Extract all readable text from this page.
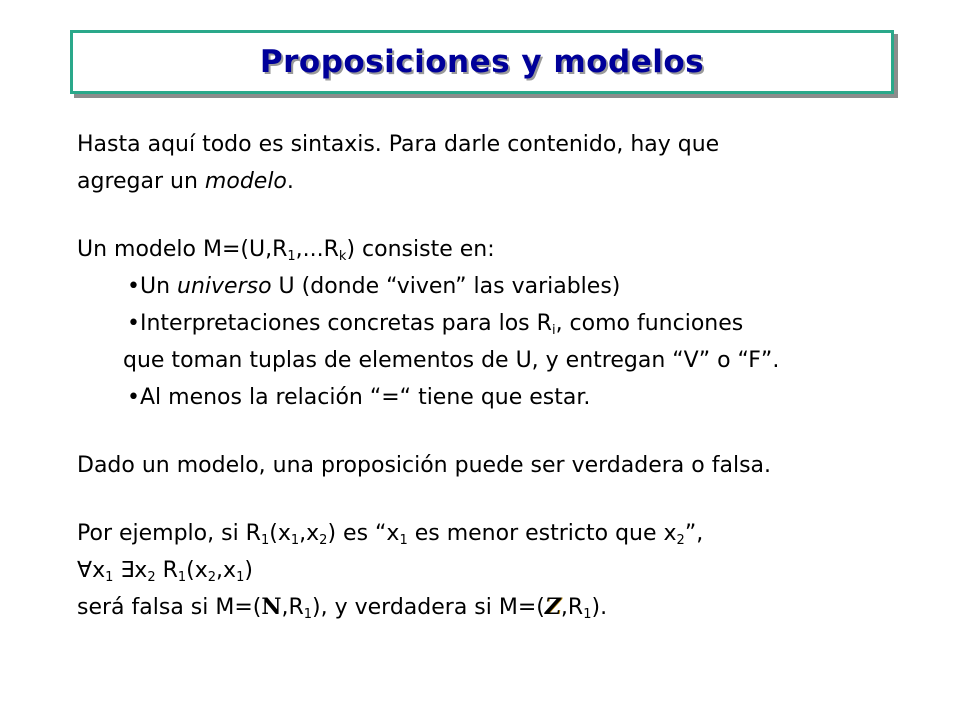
Proposiciones y modelos
Hasta aquí todo es sintaxis. Para darle contenido, hay que
agregar un modelo.
Un modelo $M=(U,R_1,...R_k)$ consiste en:
•Un universo U (donde “viven” las variables)
•Interpretaciones concretas para los $R_i$, como funciones
que toman tuplas de elementos de U, y entregan “V” o “F”.
•Al menos la relación “=“ tiene que estar.
Dado un modelo, una proposición puede ser verdadera o falsa.
Por ejemplo, si $R_1(x_1,x_2)$ es “$x_1$ es menor estricto que $x_2$”,
$\forall x_1$ $\exists x_2$ $R_1(x_2,x_1)$
será falsa si $M=(N,R_1)$, y verdadera si $M=(Z,R_1)$.
